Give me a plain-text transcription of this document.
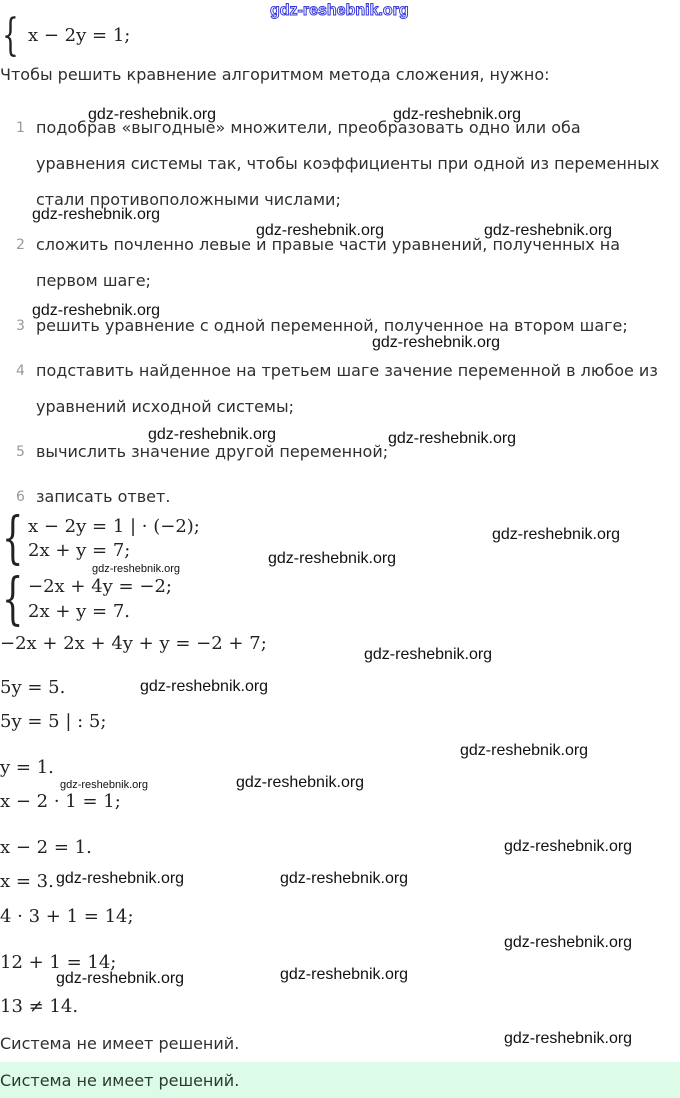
gdz-reshebnik.org
{ x − 2y = 1;
Чтобы решить кравнение алгоритмом метода сложения, нужно:
1 подобрав «выгодные» множители, преобразовать одно или оба
уравнения системы так, чтобы коэффициенты при одной из переменных
стали противоположными числами;
2 сложить почленно левые и правые части уравнений, полученных на
первом шаге;
3 решить уравнение с одной переменной, полученное на втором шаге;
4 подставить найденное на третьем шаге зачение переменной в любое из
уравнений исходной системы;
5 вычислить значение другой переменной;
6 записать ответ.
{ x − 2y = 1 | · (−2);
2x + y = 7;
{ −2x + 4y = −2;
2x + y = 7.
−2x + 2x + 4y + y = −2 + 7;
5y = 5.
5y = 5 | : 5;
y = 1.
x − 2 · 1 = 1;
x − 2 = 1.
x = 3.
4 · 3 + 1 = 14;
12 + 1 = 14;
13 ≠ 14.
Система не имеет решений.
Система не имеет решений.
gdz-reshebnik.org	gdz-reshebnik.org
gdz-reshebnik.org
gdz-reshebnik.org	gdz-reshebnik.org
gdz-reshebnik.org
gdz-reshebnik.org
gdz-reshebnik.org	gdz-reshebnik.org
gdz-reshebnik.org
gdz-reshebnik.org
gdz-reshebnik.org
gdz-reshebnik.org
gdz-reshebnik.org
gdz-reshebnik.org
gdz-reshebnik.org	gdz-reshebnik.org
gdz-reshebnik.org
gdz-reshebnik.org	gdz-reshebnik.org
gdz-reshebnik.org
gdz-reshebnik.org	gdz-reshebnik.org
gdz-reshebnik.org
